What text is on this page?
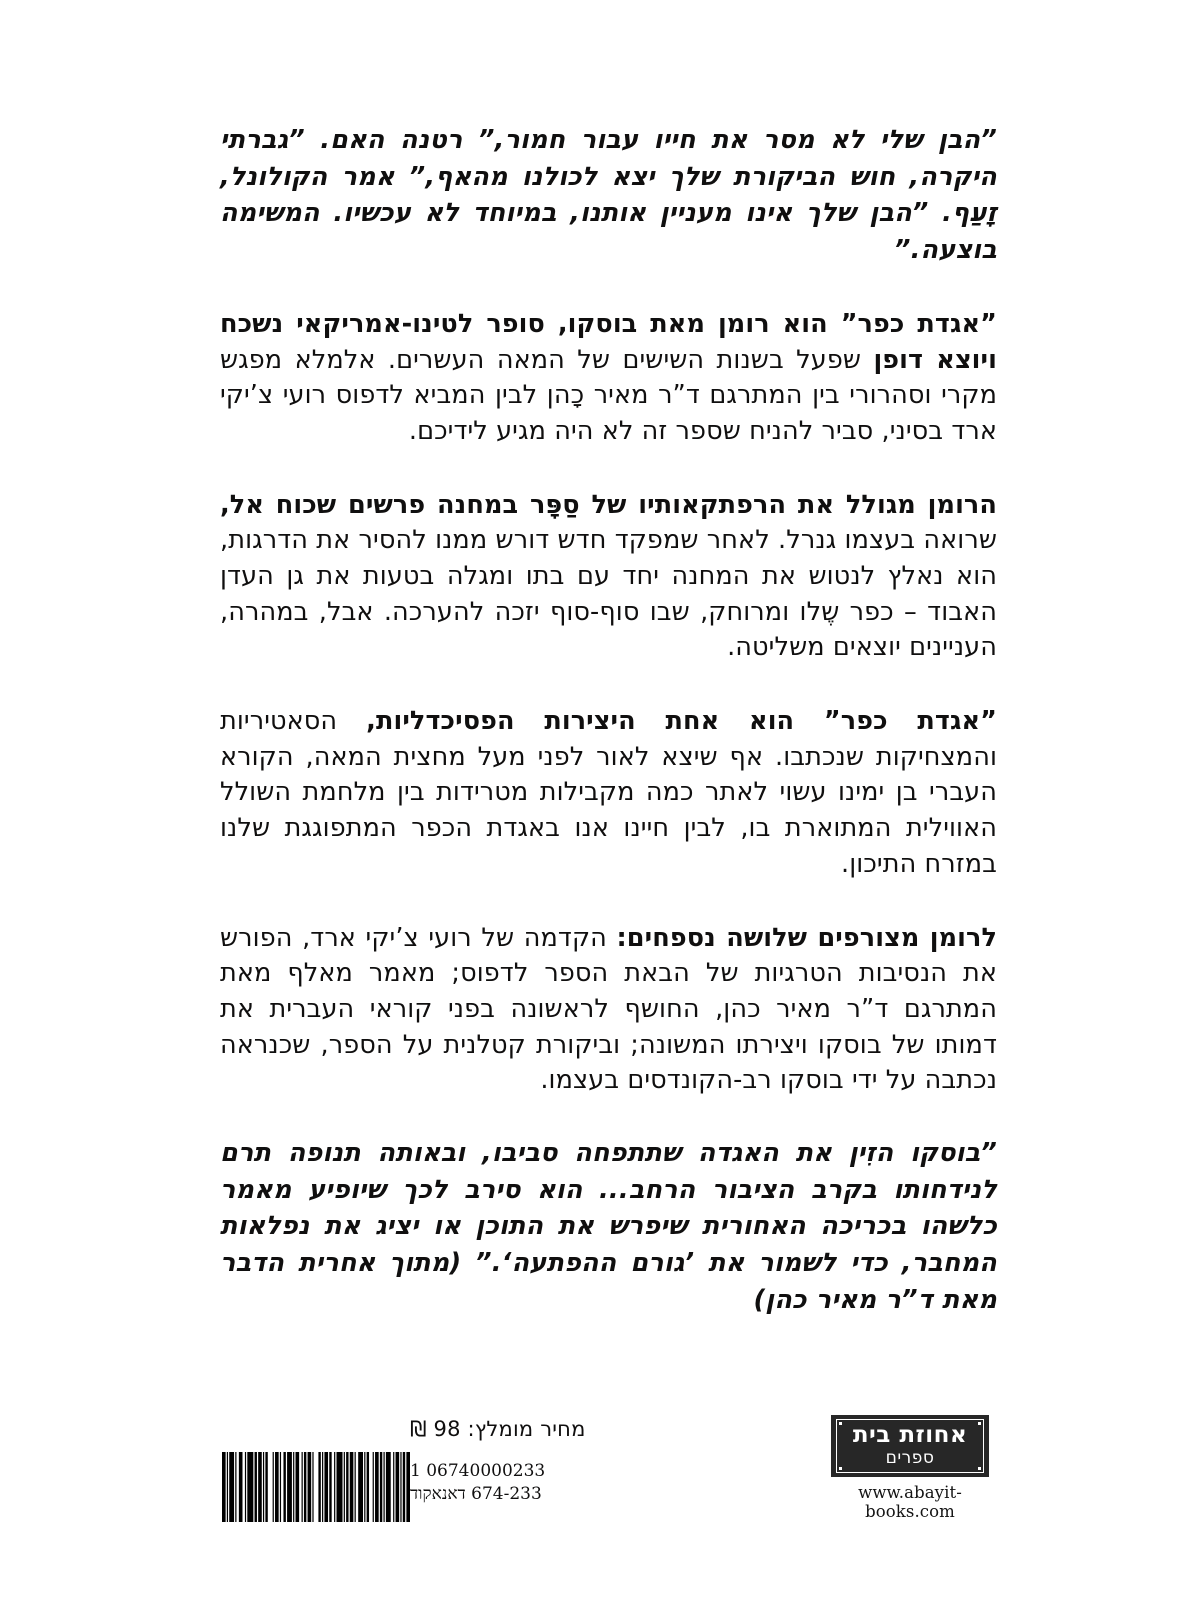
”הבן שלי לא מסר את חייו עבור חמור,” רטנה האם. ”גברתי היקרה, חוש הביקורת שלך יצא לכולנו מהאף,” אמר הקולונל, זָעַף. ”הבן שלך אינו מעניין אותנו, במיוחד לא עכשיו. המשימה בוצעה.”

”אגדת כפר” הוא רומן מאת בוסקו, סופר לטינו-אמריקאי נשכח ויוצא דופן שפעל בשנות השישים של המאה העשרים. אלמלא מפגש מקרי וסהרורי בין המתרגם ד”ר מאיר כָהן לבין המביא לדפוס רועי צ’יקי ארד בסיני, סביר להניח שספר זה לא היה מגיע לידיכם.

הרומן מגולל את הרפתקאותיו של סַפָּר במחנה פרשים שכוח אל, שרואה בעצמו גנרל. לאחר שמפקד חדש דורש ממנו להסיר את הדרגות, הוא נאלץ לנטוש את המחנה יחד עם בתו ומגלה בטעות את גן העדן האבוד – כפר שֶלו ומרוחק, שבו סוף-סוף יזכה להערכה. אבל, במהרה, העניינים יוצאים משליטה.

”אגדת כפר” הוא אחת היצירות הפסיכדליות, הסאטיריות והמצחיקות שנכתבו. אף שיצא לאור לפני מעל מחצית המאה, הקורא העברי בן ימינו עשוי לאתר כמה מקבילות מטרידות בין מלחמת השולל האווילית המתוארת בו, לבין חיינו אנו באגדת הכפר המתפוגגת שלנו במזרח התיכון.

לרומן מצורפים שלושה נספחים: הקדמה של רועי צ’יקי ארד, הפורש את הנסיבות הטרגיות של הבאת הספר לדפוס; מאמר מאלף מאת המתרגם ד”ר מאיר כהן, החושף לראשונה בפני קוראי העברית את דמותו של בוסקו ויצירתו המשונה; וביקורת קטלנית על הספר, שכנראה נכתבה על ידי בוסקו רב-הקונדסים בעצמו.

”בוסקו הזִין את האגדה שתתפחה סביבו, ובאותה תנופה תרם לנידחותו בקרב הציבור הרחב... הוא סירב לכך שיופיע מאמר כלשהו בכריכה האחורית שיפרש את התוכן או יציג את נפלאות המחבר, כדי לשמור את ’גורם ההפתעה‘.” (מתוך אחרית הדבר מאת ד”ר מאיר כהן)

אחוזת בית
ספרים
www.abayit-books.com
מחיר מומלץ: 98 ₪
06740000233 1
674-233 דאנאקוד
